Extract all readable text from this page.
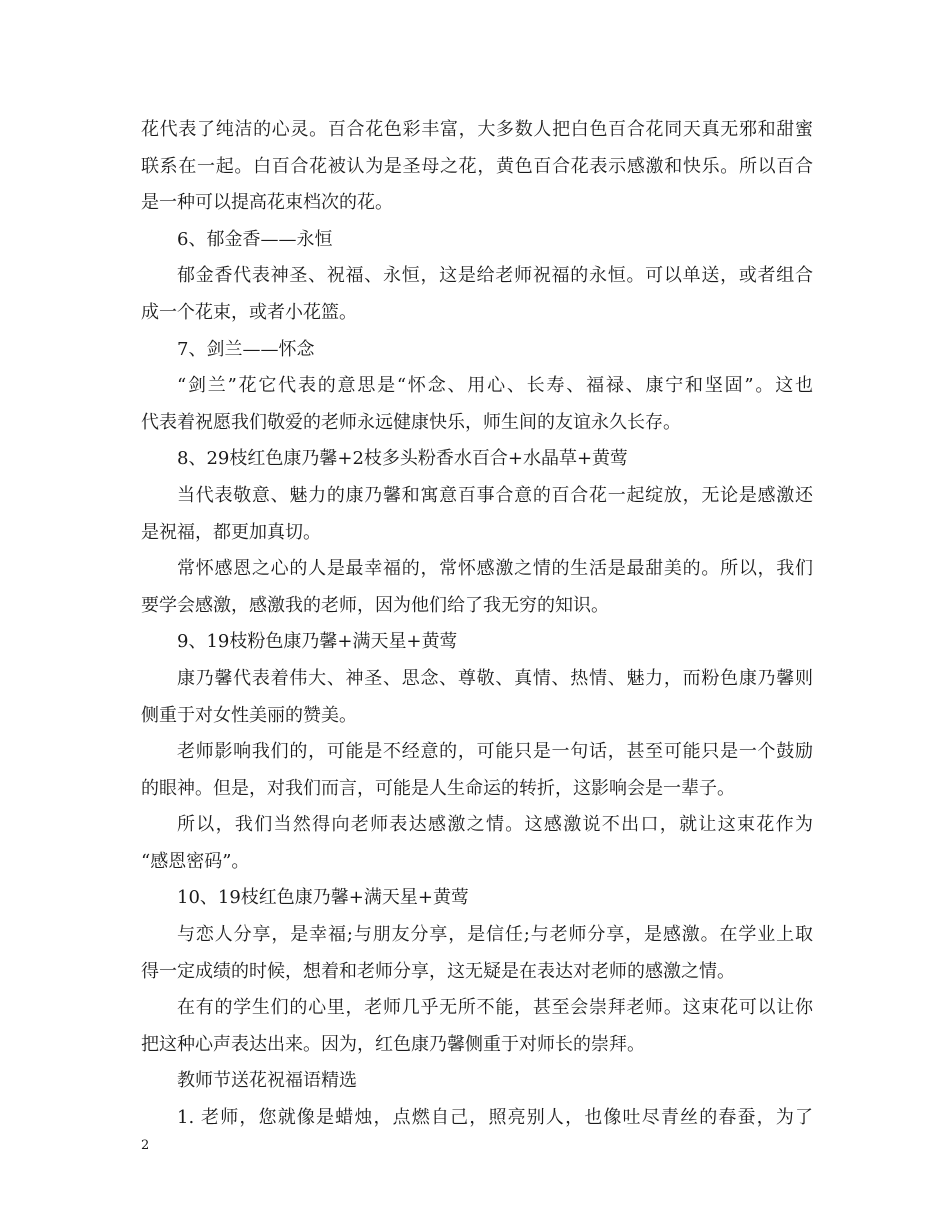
花代表了纯洁的心灵。百合花色彩丰富，大多数人把白色百合花同天真无邪和甜蜜
联系在一起。白百合花被认为是圣母之花，黄色百合花表示感激和快乐。所以百合
是一种可以提高花束档次的花。
6、郁金香——永恒
郁金香代表神圣、祝福、永恒，这是给老师祝福的永恒。可以单送，或者组合
成一个花束，或者小花篮。
7、剑兰——怀念
“剑兰”花它代表的意思是“怀念、用心、长寿、福禄、康宁和坚固”。这也
代表着祝愿我们敬爱的老师永远健康快乐，师生间的友谊永久长存。
8、29枝红色康乃馨+2枝多头粉香水百合+水晶草+黄莺
当代表敬意、魅力的康乃馨和寓意百事合意的百合花一起绽放，无论是感激还
是祝福，都更加真切。
常怀感恩之心的人是最幸福的，常怀感激之情的生活是最甜美的。所以，我们
要学会感激，感激我的老师，因为他们给了我无穷的知识。
9、19枝粉色康乃馨+满天星+黄莺
康乃馨代表着伟大、神圣、思念、尊敬、真情、热情、魅力，而粉色康乃馨则
侧重于对女性美丽的赞美。
老师影响我们的，可能是不经意的，可能只是一句话，甚至可能只是一个鼓励
的眼神。但是，对我们而言，可能是人生命运的转折，这影响会是一辈子。
所以，我们当然得向老师表达感激之情。这感激说不出口，就让这束花作为
“感恩密码”。
10、19枝红色康乃馨+满天星+黄莺
与恋人分享，是幸福;与朋友分享，是信任;与老师分享，是感激。在学业上取
得一定成绩的时候，想着和老师分享，这无疑是在表达对老师的感激之情。
在有的学生们的心里，老师几乎无所不能，甚至会崇拜老师。这束花可以让你
把这种心声表达出来。因为，红色康乃馨侧重于对师长的崇拜。
教师节送花祝福语精选
1. 老师，您就像是蜡烛，点燃自己，照亮别人，也像吐尽青丝的春蚕，为了
2
